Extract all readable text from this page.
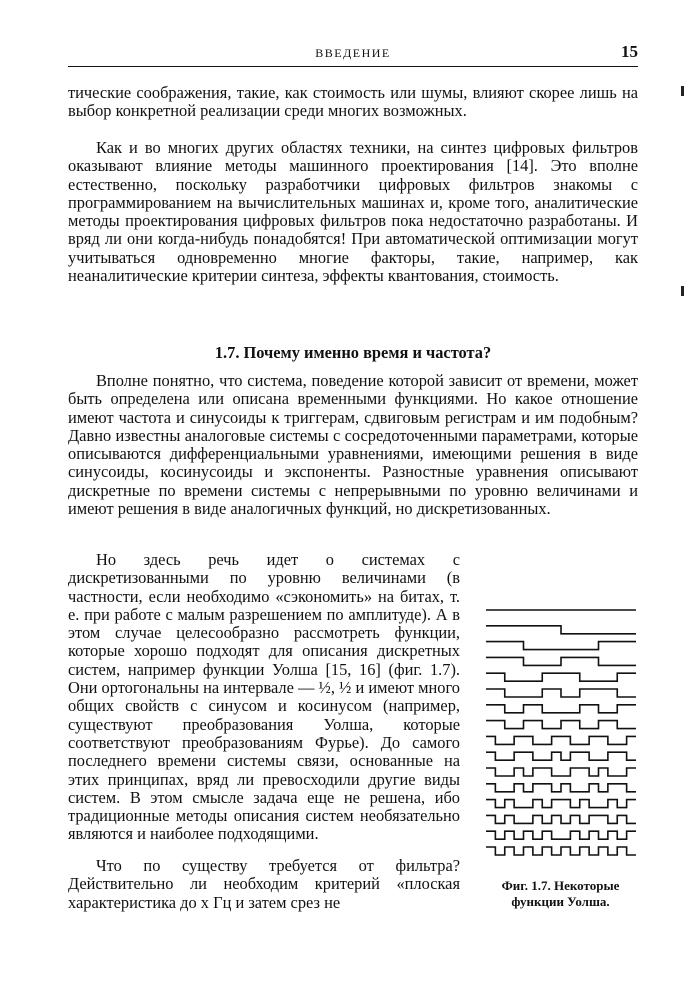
ВВЕДЕНИЕ	15

тические соображения, такие, как стоимость или шумы, влияют скорее лишь на выбор конкретной реализации среди многих возможных.

Как и во многих других областях техники, на синтез цифровых фильтров оказывают влияние методы машинного проектирования [14]. Это вполне естественно, поскольку разработчики цифровых фильтров знакомы с программированием на вычислительных машинах и, кроме того, аналитические методы проектирования цифровых фильтров пока недостаточно разработаны. И вряд ли они когда-нибудь понадобятся! При автоматической оптимизации могут учитываться одновременно многие факторы, такие, например, как неаналитические критерии синтеза, эффекты квантования, стоимость.

1.7. Почему именно время и частота?

Вполне понятно, что система, поведение которой зависит от времени, может быть определена или описана временными функциями. Но какое отношение имеют частота и синусоиды к триггерам, сдвиговым регистрам и им подобным? Давно известны аналоговые системы с сосредоточенными параметрами, которые описываются дифференциальными уравнениями, имеющими решения в виде синусоиды, косинусоиды и экспоненты. Разностные уравнения описывают дискретные по времени системы с непрерывными по уровню величинами и имеют решения в виде аналогичных функций, но дискретизованных.

Но здесь речь идет о системах с дискретизованными по уровню величинами (в частности, если необходимо «сэкономить» на битах, т. е. при работе с малым разрешением по амплитуде). А в этом случае целесообразно рассмотреть функции, которые хорошо подходят для описания дискретных систем, например функции Уолша [15, 16] (фиг. 1.7). Они ортогональны на интервале — ½, ½ и имеют много общих свойств с синусом и косинусом (например, существуют преобразования Уолша, которые соответствуют преобразованиям Фурье). До самого последнего времени системы связи, основанные на этих принципах, вряд ли превосходили другие виды систем. В этом смысле задача еще не решена, ибо традиционные методы описания систем необязательно являются и наиболее подходящими.

Что по существу требуется от фильтра? Действительно ли необходим критерий «плоская характеристика до x Гц и затем срез не

Фиг. 1.7. Некоторые функции Уолша.
